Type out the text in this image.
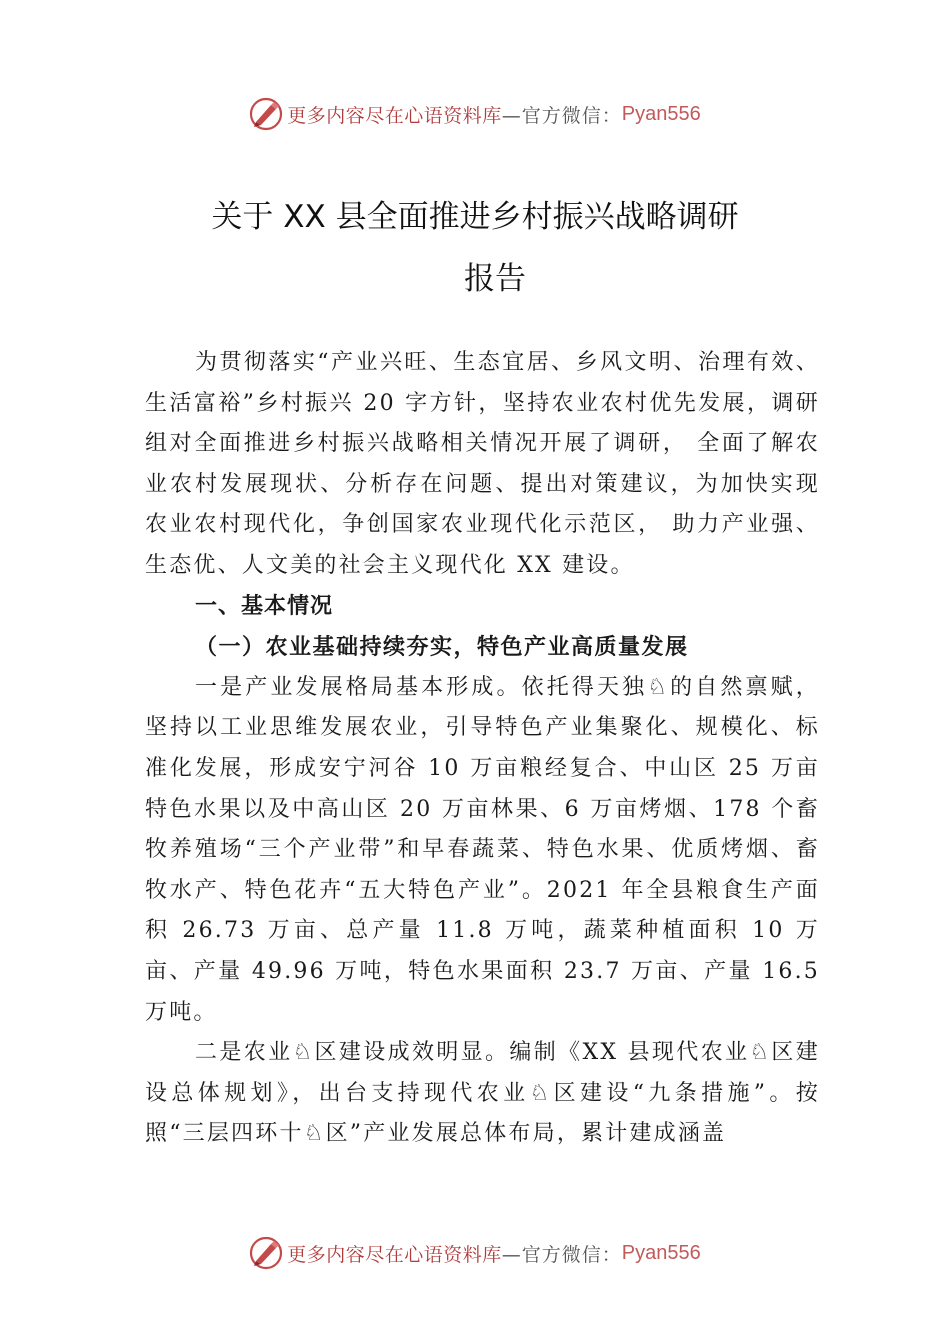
更多内容尽在心语资料库 —官方微信： Pyan556
关于 XX 县全面推进乡村振兴战略调研
报告

为贯彻落实“产业兴旺、生态宜居、乡风文明、治理有效、生活富裕”乡村振兴 20 字方针，坚持农业农村优先发展，调研组对全面推进乡村振兴战略相关情况开展了调研， 全面了解农业农村发展现状、分析存在问题、提出对策建议，为加快实现农业农村现代化，争创国家农业现代化示范区， 助力产业强、生态优、人文美的社会主义现代化 XX 建设。

一、基本情况

（一）农业基础持续夯实，特色产业高质量发展

一是产业发展格局基本形成。依托得天独♘的自然禀赋，坚持以工业思维发展农业，引导特色产业集聚化、规模化、标准化发展，形成安宁河谷 10 万亩粮经复合、中山区 25 万亩特色水果以及中高山区 20 万亩林果、6 万亩烤烟、178 个畜牧养殖场“三个产业带”和早春蔬菜、特色水果、优质烤烟、畜牧水产、特色花卉“五大特色产业”。2021 年全县粮食生产面积 26.73 万亩、总产量 11.8 万吨，蔬菜种植面积 10 万亩、产量 49.96 万吨，特色水果面积 23.7 万亩、产量 16.5 万吨。

二是农业♘区建设成效明显。编制《XX 县现代农业♘区建设总体规划》，出台支持现代农业♘区建设“九条措施”。按照“三层四环十♘区”产业发展总体布局，累计建成涵盖

更多内容尽在心语资料库 —官方微信： Pyan556
